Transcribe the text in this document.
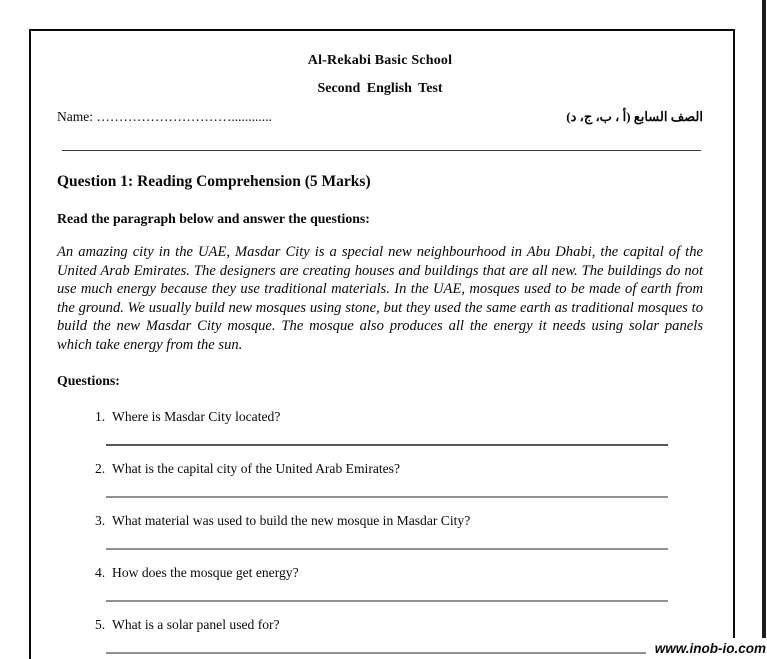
Al-Rekabi Basic School
Second English Test
Name: …………………………............	الصف السابع (أ ، ب، ج، د)
Question 1: Reading Comprehension (5 Marks)
Read the paragraph below and answer the questions:
An amazing city in the UAE, Masdar City is a special new neighbourhood in Abu Dhabi, the capital of the United Arab Emirates. The designers are creating houses and buildings that are all new. The buildings do not use much energy because they use traditional materials. In the UAE, mosques used to be made of earth from the ground. We usually build new mosques using stone, but they used the same earth as traditional mosques to build the new Masdar City mosque. The mosque also produces all the energy it needs using solar panels which take energy from the sun.
Questions:
1. Where is Masdar City located?
2. What is the capital city of the United Arab Emirates?
3. What material was used to build the new mosque in Masdar City?
4. How does the mosque get energy?
5. What is a solar panel used for?
www.inob-io.com
